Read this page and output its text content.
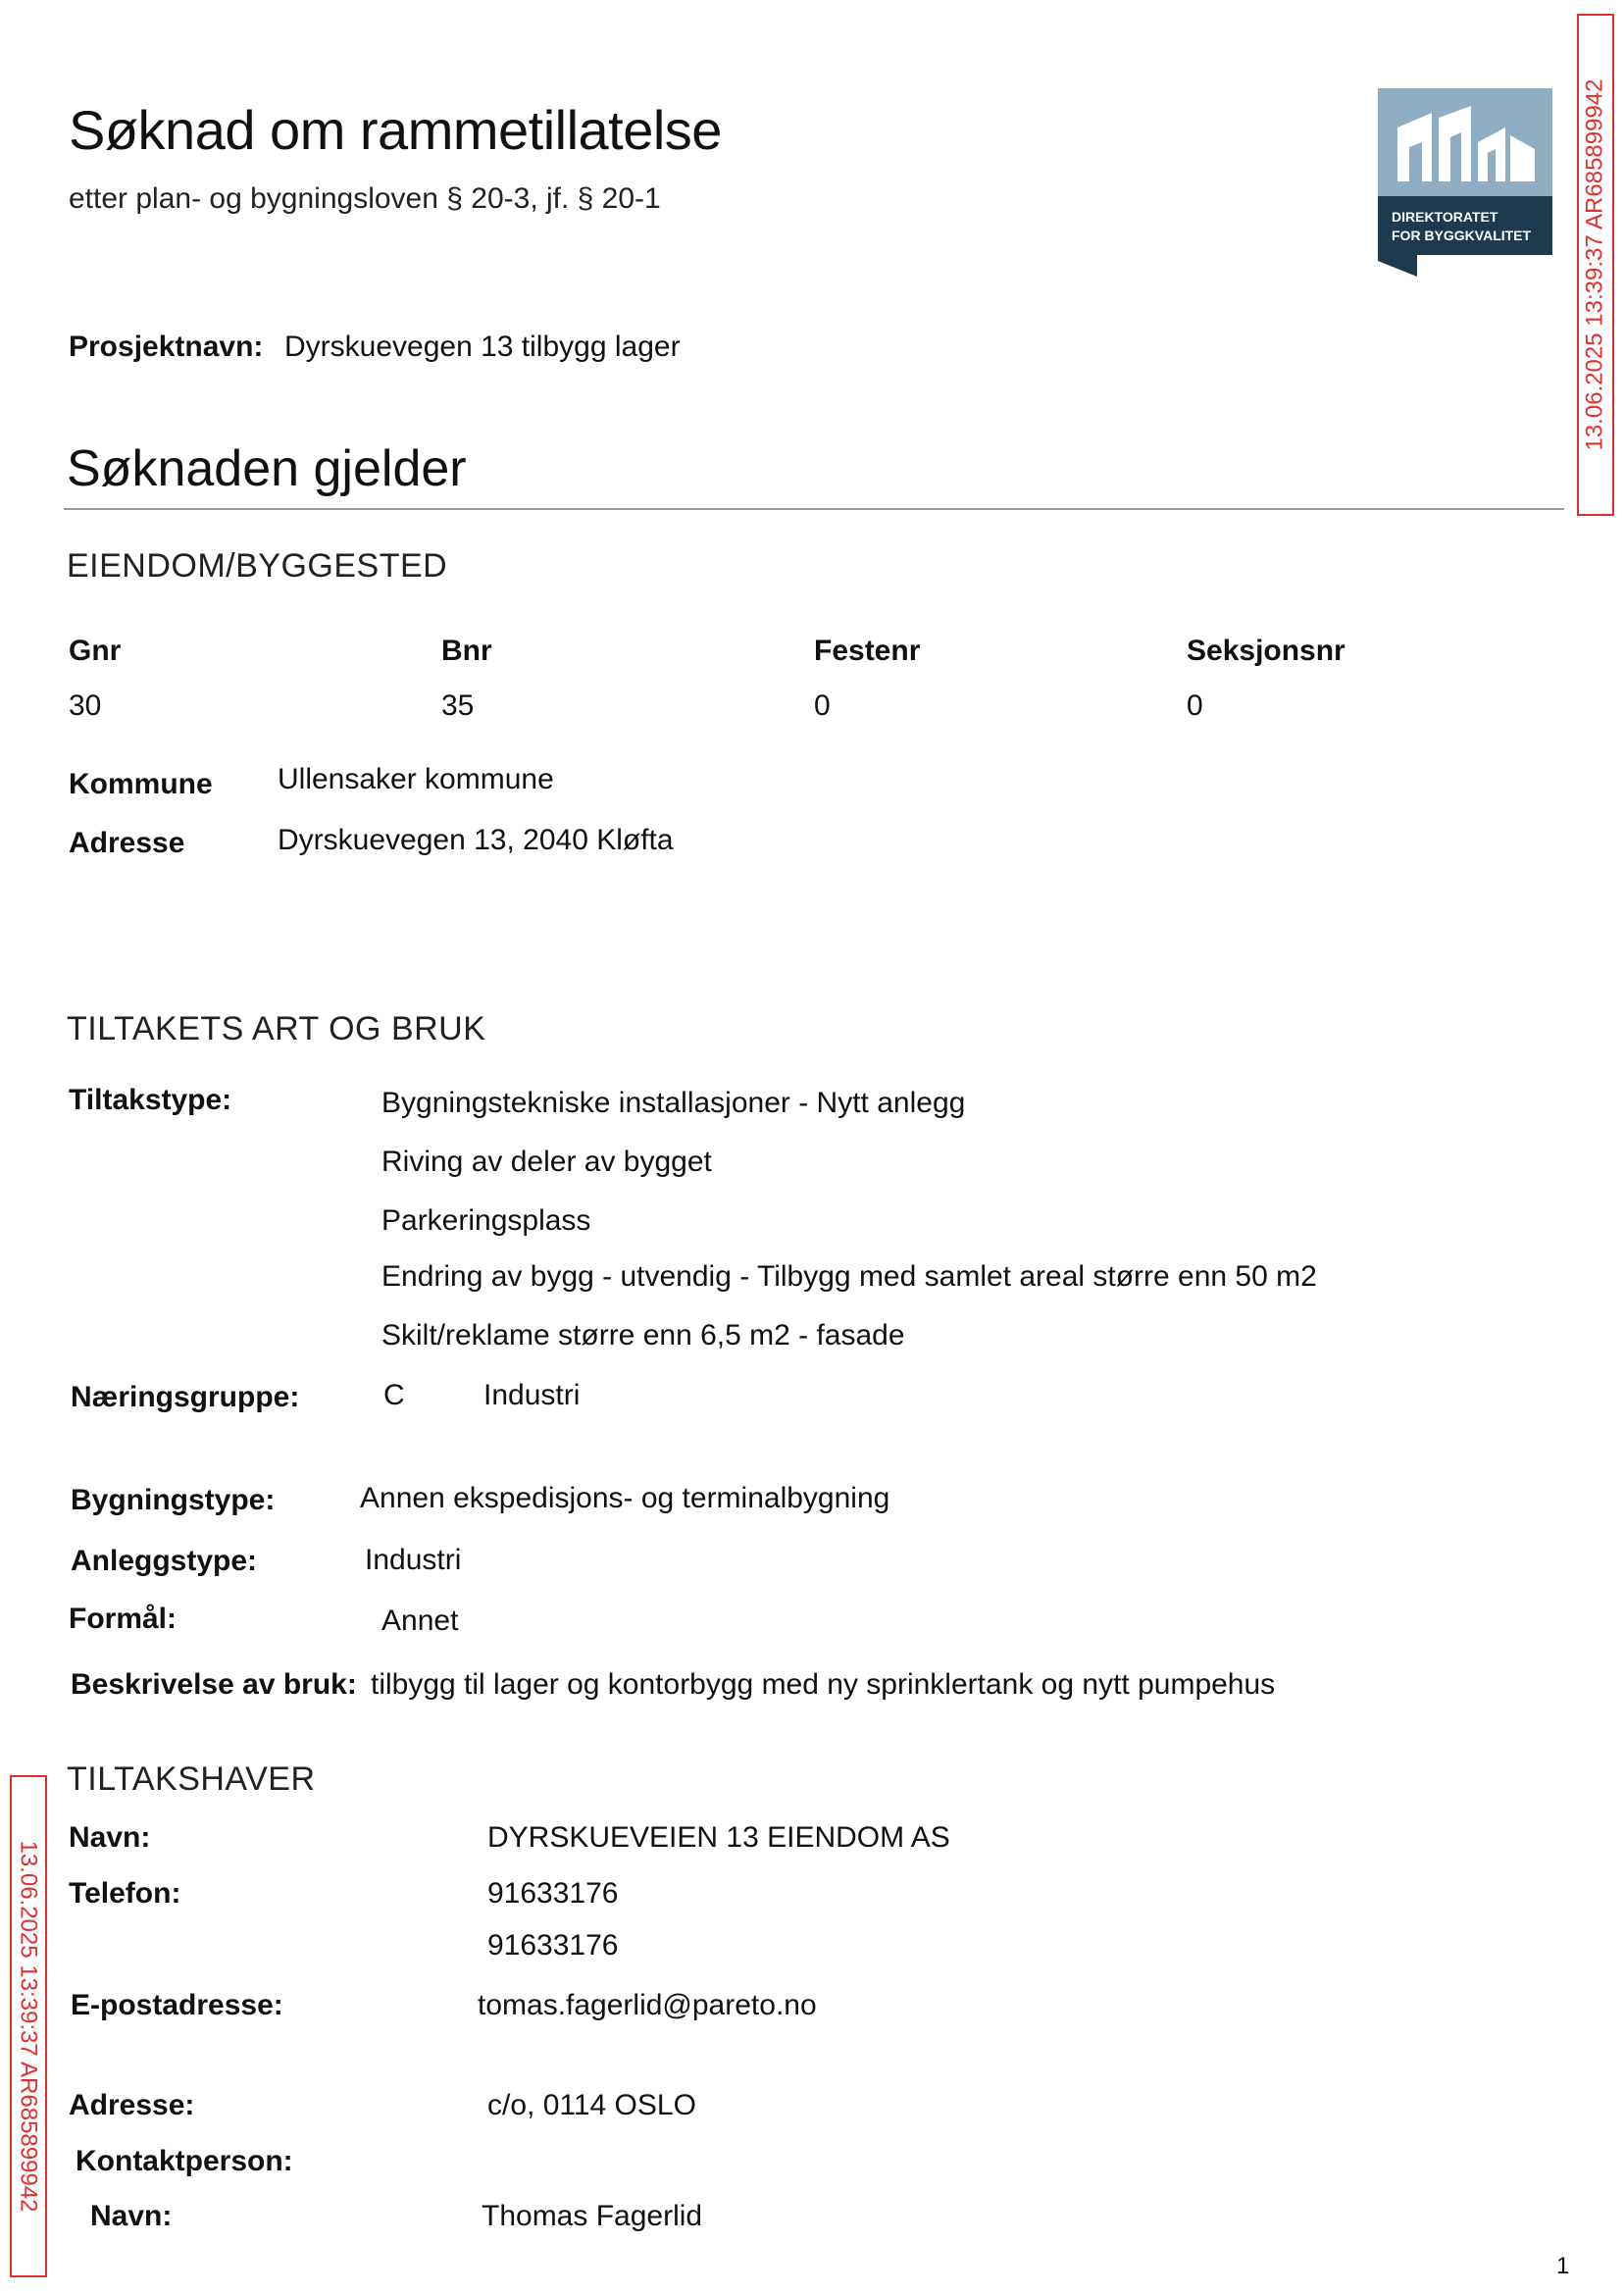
Søknad om rammetillatelse
etter plan- og bygningsloven § 20-3, jf. § 20-1
DIREKTORATET
FOR BYGGKVALITET 13.06.2025 13:39:37 AR685899942
Prosjektnavn: Dyrskuevegen 13 tilbygg lager
Søknaden gjelder
EIENDOM/BYGGESTED
Gnr	Bnr	Festenr	Seksjonsnr
30	35	0	0
Kommune Ullensaker kommune
Adresse	Dyrskuevegen 13, 2040 Kløfta
TILTAKETS ART OG BRUK
Tiltakstype:	Bygningstekniske installasjoner - Nytt anlegg
Riving av deler av bygget
Parkeringsplass
Endring av bygg - utvendig - Tilbygg med samlet areal større enn 50 m2
Skilt/reklame større enn 6,5 m2 - fasade
Næringsgruppe:	C	Industri
Bygningstype:	Annen ekspedisjons- og terminalbygning
Anleggstype:	Industri
Formål:	Annet
Beskrivelse av bruk: tilbygg til lager og kontorbygg med ny sprinklertank og nytt pumpehus
TILTAKSHAVER
Navn:	DYRSKUEVEIEN 13 EIENDOM AS
Telefon:	91633176
91633176
E-postadresse:	tomas.fagerlid@pareto.no
Adresse:	c/o, 0114 OSLO
Kontaktperson:
Navn:	Thomas Fagerlid
13.06.2025 13:39:37 AR685899942
1
